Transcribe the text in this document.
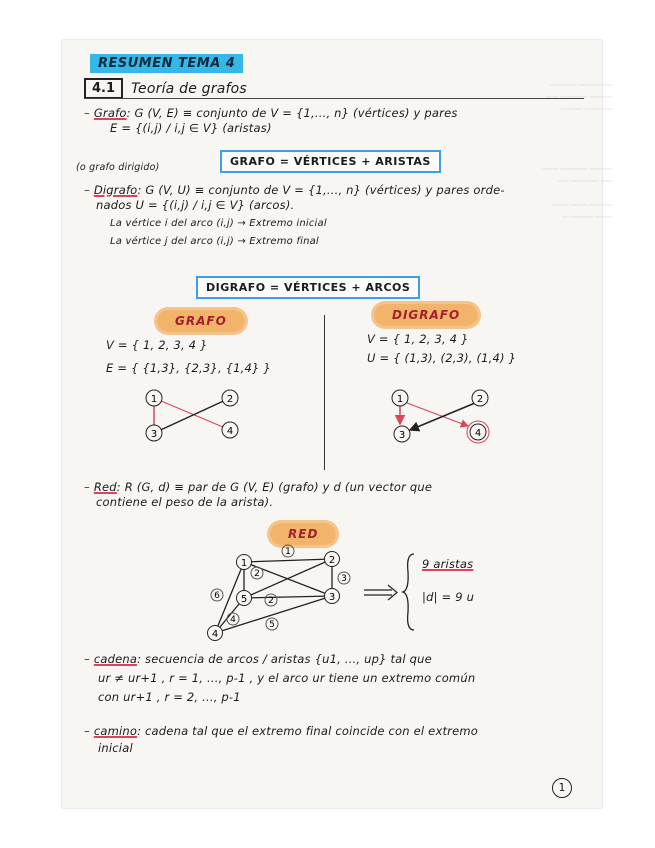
────── ─────
──── ───── ──
───── ────

──── ───── ───
── ───── ──

──── ─── ───
─── ──── ─
RESUMEN TEMA 4
4.1	Teoría de grafos
– Grafo: G (V, E) ≡ conjunto de V = {1,..., n} (vértices) y pares
E = {(i,j) / i,j ∈ V} (aristas)
(o grafo dirigido)	GRAFO = VÉRTICES + ARISTAS
– Digrafo: G (V, U) ≡ conjunto de V = {1,..., n} (vértices) y pares orde-
nados U = {(i,j) / i,j ∈ V} (arcos).
La vértice i del arco (i,j) → Extremo inicial
La vértice j del arco (i,j) → Extremo final
DIGRAFO = VÉRTICES + ARCOS
GRAFO
V = { 1, 2, 3, 4 }
E = { {1,3}, {2,3}, {1,4} }
1	2
3	4
DIGRAFO
V = { 1, 2, 3, 4 }
U = { (1,3), (2,3), (1,4) }
1	2
3	4
– Red: R (G, d) ≡ par de G (V, E) (grafo) y d (un vector que
contiene el peso de la arista).
RED
1	2
3
4
5
1
2	3
4	5
6	2
9 aristas
|d| = 9 u
– cadena: secuencia de arcos / aristas {u1, ..., up} tal que
ur ≠ ur+1 , r = 1, ..., p-1 , y el arco ur tiene un extremo común
con ur+1 , r = 2, ..., p-1
– camino: cadena tal que el extremo final coincide con el extremo
inicial
1
